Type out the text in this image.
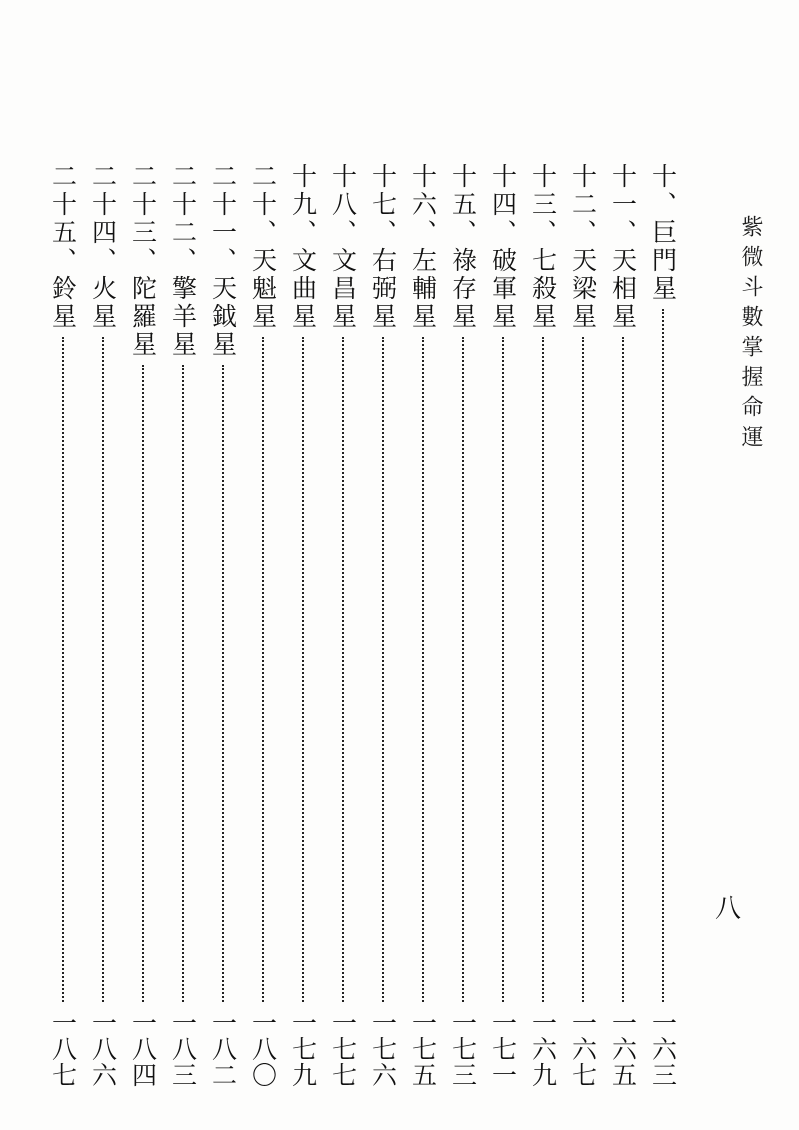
紫微斗數掌握命運
八
十、巨門星
一六三
十一、天相星
一六五
十二、天梁星
一六七
十三、七殺星
一六九
十四、破軍星
一七一
十五、祿存星
一七三
十六、左輔星
一七五
十七、右弼星
一七六
十八、文昌星
一七七
十九、文曲星
一七九
二十、天魁星
一八〇
二十一、天鉞星
一八二
二十二、擎羊星
一八三
二十三、陀羅星
一八四
二十四、火星
一八六
二十五、鈴星
一八七
